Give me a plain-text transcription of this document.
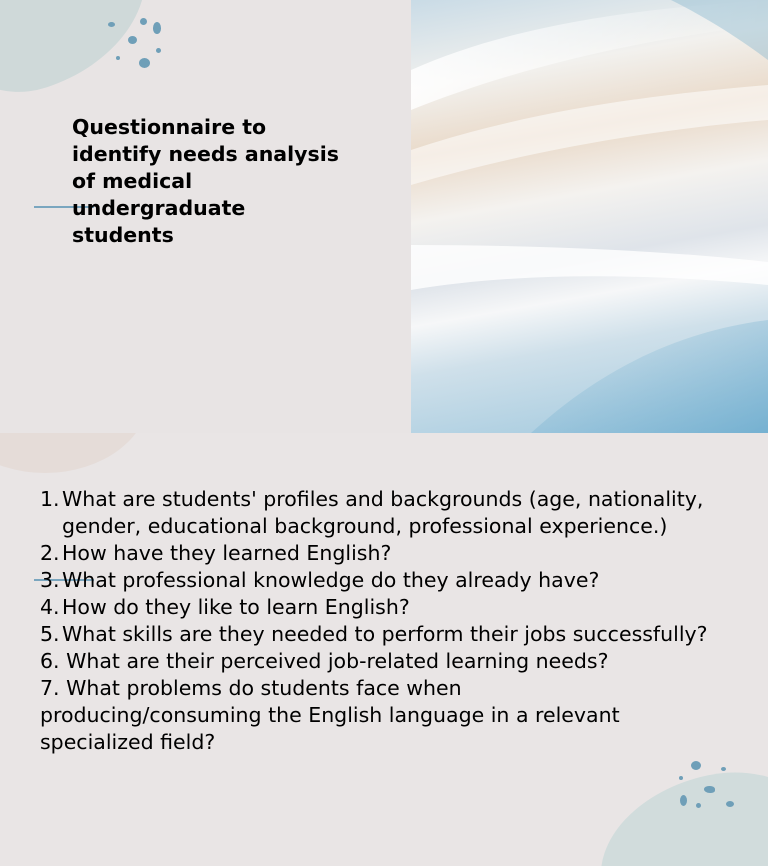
Questionnaire to identify needs analysis of medical undergraduate students
1. What are students' profiles and backgrounds (age, nationality, gender, educational background, professional experience.)
2. How have they learned English?
3. What professional knowledge do they already have?
4. How do they like to learn English?
5. What skills are they needed to perform their jobs successfully?
6. What are their perceived job-related learning needs?
7. What problems do students face when producing/consuming the English language in a relevant specialized field?
